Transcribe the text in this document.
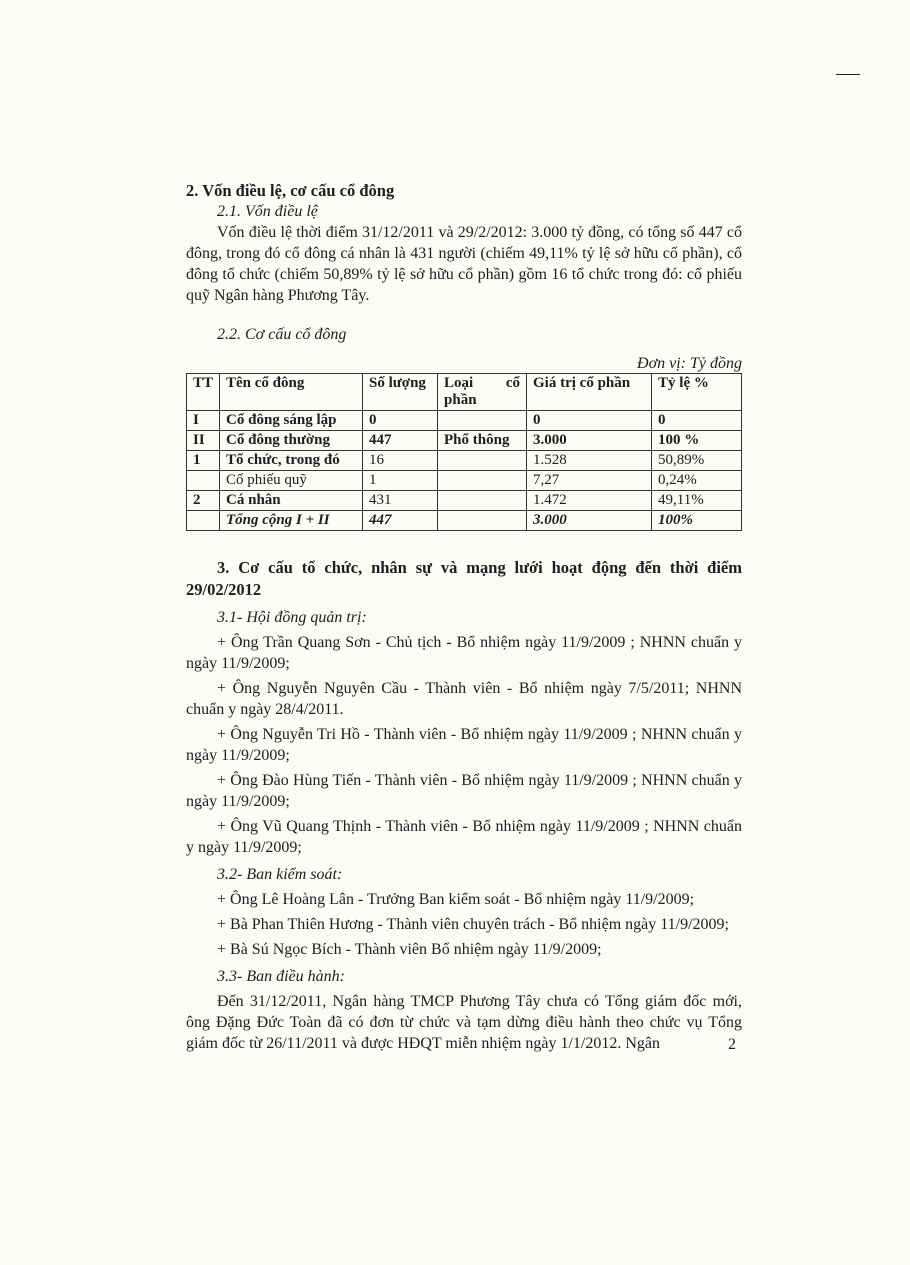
2. Vốn điều lệ, cơ cấu cổ đông

2.1. Vốn điều lệ

Vốn điều lệ thời điểm 31/12/2011 và 29/2/2012: 3.000 tỷ đồng, có tổng số 447 cổ đông, trong đó cổ đông cá nhân là 431 người (chiếm 49,11% tỷ lệ sở hữu cổ phần), cổ đông tổ chức (chiếm 50,89% tỷ lệ sở hữu cổ phần) gồm 16 tổ chức trong đó: cổ phiếu quỹ Ngân hàng Phương Tây.

2.2. Cơ cấu cổ đông

Đơn vị: Tỷ đồng

TT	Tên cổ đông	Số lượng	Loại cổ
phần	Giá trị cổ phần	Tỷ lệ %
I	Cổ đông sáng lập	0		0	0
II	Cổ đông thường	447	Phổ thông	3.000	100 %
1	Tổ chức, trong đó	16		1.528	50,89%
	Cổ phiếu quỹ	1		7,27	0,24%
2	Cá nhân	431		1.472	49,11%
	Tổng cộng I + II	447		3.000	100%

3. Cơ cấu tổ chức, nhân sự và mạng lưới hoạt động đến thời điểm 29/02/2012

3.1- Hội đồng quản trị:

+ Ông Trần Quang Sơn - Chủ tịch - Bổ nhiệm ngày 11/9/2009 ; NHNN chuẩn y ngày 11/9/2009;

+ Ông Nguyễn Nguyên Cầu - Thành viên - Bổ nhiệm ngày 7/5/2011; NHNN chuẩn y ngày 28/4/2011.

+ Ông Nguyễn Tri Hồ - Thành viên - Bổ nhiệm ngày 11/9/2009 ; NHNN chuẩn y ngày 11/9/2009;

+ Ông Đào Hùng Tiến - Thành viên - Bổ nhiệm ngày 11/9/2009 ; NHNN chuẩn y ngày 11/9/2009;

+ Ông Vũ Quang Thịnh - Thành viên - Bổ nhiệm ngày 11/9/2009 ; NHNN chuẩn y ngày 11/9/2009;

3.2- Ban kiểm soát:

+ Ông Lê Hoàng Lân - Trưởng Ban kiểm soát - Bổ nhiệm ngày 11/9/2009;

+ Bà Phan Thiên Hương - Thành viên chuyên trách - Bổ nhiệm ngày 11/9/2009;

+ Bà Sú Ngọc Bích - Thành viên Bổ nhiệm ngày 11/9/2009;

3.3- Ban điều hành:

Đến 31/12/2011, Ngân hàng TMCP Phương Tây chưa có Tổng giám đốc mới, ông Đặng Đức Toàn đã có đơn từ chức và tạm dừng điều hành theo chức vụ Tổng giám đốc từ 26/11/2011 và được HĐQT miễn nhiệm ngày 1/1/2012. Ngân	2
